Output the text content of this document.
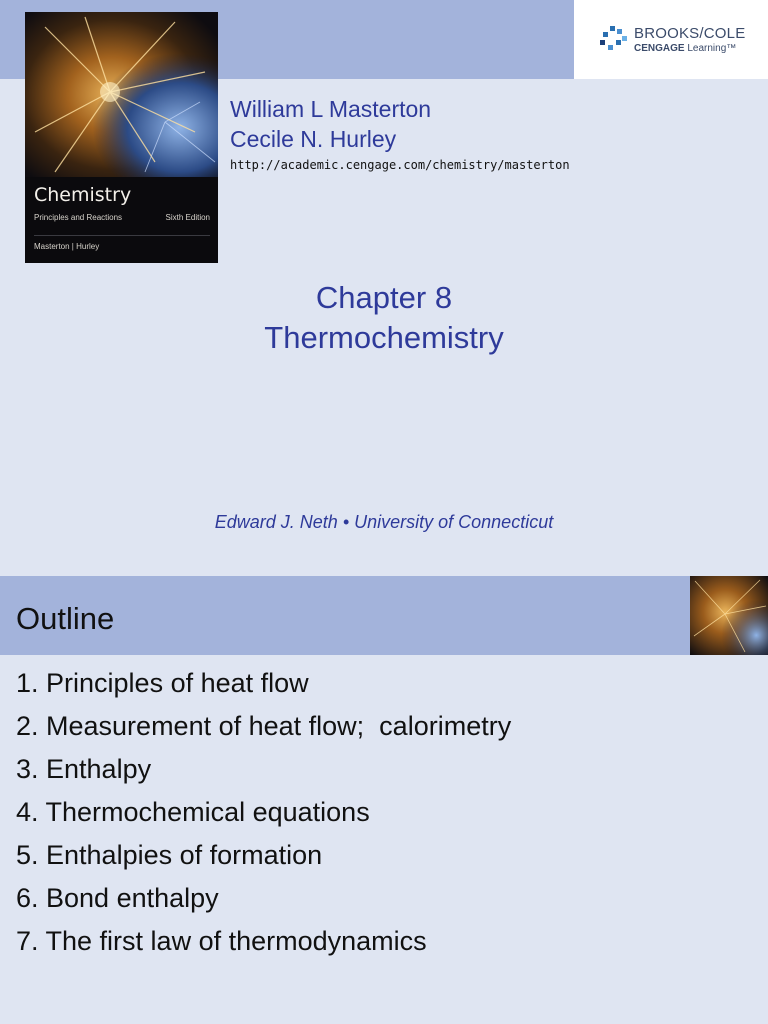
BROOKS/COLE
CENGAGE Learning™
Chemistry
Principles and Reactions	Sixth Edition
Masterton | Hurley
William L Masterton
Cecile N. Hurley
http://academic.cengage.com/chemistry/masterton
Chapter 8
Thermochemistry
Edward J. Neth • University of Connecticut
Outline
1. Principles of heat flow
2. Measurement of heat flow;  calorimetry
3. Enthalpy
4. Thermochemical equations
5. Enthalpies of formation
6. Bond enthalpy
7. The first law of thermodynamics
